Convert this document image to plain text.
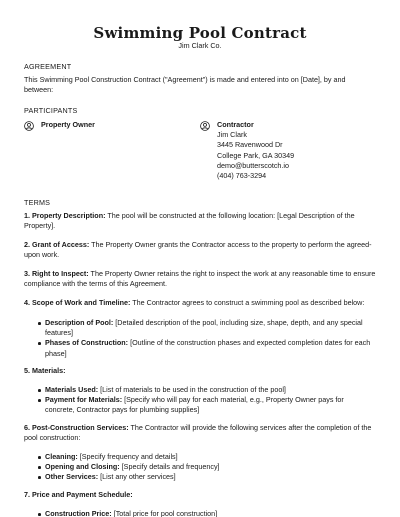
Swimming Pool Contract
Jim Clark Co.
AGREEMENT
This Swimming Pool Construction Contract ("Agreement") is made and entered into on [Date], by and between:
PARTICIPANTS
Property Owner	Contractor
Jim Clark
3445 Ravenwood Dr
College Park, GA 30349
demo@butterscotch.io
(404) 763-3294
TERMS
1. Property Description: The pool will be constructed at the following location: [Legal Description of the Property].
2. Grant of Access: The Property Owner grants the Contractor access to the property to perform the agreed-upon work.
3. Right to Inspect: The Property Owner retains the right to inspect the work at any reasonable time to ensure compliance with the terms of this Agreement.
4. Scope of Work and Timeline: The Contractor agrees to construct a swimming pool as described below:
Description of Pool: [Detailed description of the pool, including size, shape, depth, and any special features]
Phases of Construction: [Outline of the construction phases and expected completion dates for each phase]
5. Materials:
Materials Used: [List of materials to be used in the construction of the pool]
Payment for Materials: [Specify who will pay for each material, e.g., Property Owner pays for concrete, Contractor pays for plumbing supplies]
6. Post-Construction Services: The Contractor will provide the following services after the completion of the pool construction:
Cleaning: [Specify frequency and details]
Opening and Closing: [Specify details and frequency]
Other Services: [List any other services]
7. Price and Payment Schedule:
Construction Price: [Total price for pool construction]
